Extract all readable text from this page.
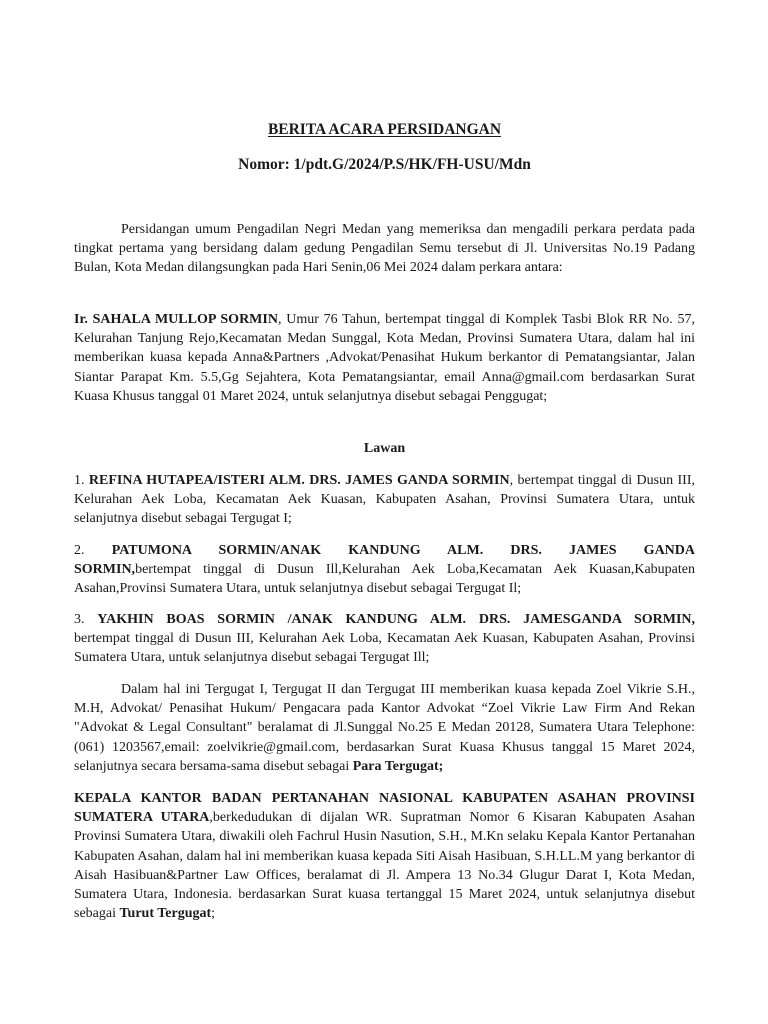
BERITA ACARA PERSIDANGAN

Nomor: 1/pdt.G/2024/P.S/HK/FH-USU/Mdn

Persidangan umum Pengadilan Negri Medan yang memeriksa dan mengadili perkara perdata pada tingkat pertama yang bersidang dalam gedung Pengadilan Semu tersebut di Jl. Universitas No.19 Padang Bulan, Kota Medan dilangsungkan pada Hari Senin,06 Mei 2024 dalam perkara antara:

Ir. SAHALA MULLOP SORMIN, Umur 76 Tahun, bertempat tinggal di Komplek Tasbi Blok RR No. 57, Kelurahan Tanjung Rejo,Kecamatan Medan Sunggal, Kota Medan, Provinsi Sumatera Utara, dalam hal ini memberikan kuasa kepada Anna&Partners ,Advokat/Penasihat Hukum berkantor di Pematangsiantar, Jalan Siantar Parapat Km. 5.5,Gg Sejahtera, Kota Pematangsiantar, email Anna@gmail.com berdasarkan Surat Kuasa Khusus tanggal 01 Maret 2024, untuk selanjutnya disebut sebagai Penggugat;

Lawan

1. REFINA HUTAPEA/ISTERI ALM. DRS. JAMES GANDA SORMIN, bertempat tinggal di Dusun III, Kelurahan Aek Loba, Kecamatan Aek Kuasan, Kabupaten Asahan, Provinsi Sumatera Utara, untuk selanjutnya disebut sebagai Tergugat I;

2. PATUMONA SORMIN/ANAK KANDUNG ALM. DRS. JAMES GANDA
SORMIN,bertempat tinggal di Dusun Ill,Kelurahan Aek Loba,Kecamatan Aek Kuasan,Kabupaten Asahan,Provinsi Sumatera Utara, untuk selanjutnya disebut sebagai Tergugat Il;
3. YAKHIN BOAS SORMIN /ANAK KANDUNG ALM. DRS. JAMESGANDA SORMIN,
bertempat tinggal di Dusun III, Kelurahan Aek Loba, Kecamatan Aek Kuasan, Kabupaten Asahan, Provinsi Sumatera Utara, untuk selanjutnya disebut sebagai Tergugat Ill;

Dalam hal ini Tergugat I, Tergugat II dan Tergugat III memberikan kuasa kepada Zoel Vikrie S.H., M.H, Advokat/ Penasihat Hukum/ Pengacara pada Kantor Advokat “Zoel Vikrie Law Firm And Rekan "Advokat & Legal Consultant" beralamat di Jl.Sunggal No.25 E Medan 20128, Sumatera Utara Telephone: (061) 1203567,email: zoelvikrie@gmail.com, berdasarkan Surat Kuasa Khusus tanggal 15 Maret 2024, selanjutnya secara bersama-sama disebut sebagai Para Tergugat;

KEPALA KANTOR BADAN PERTANAHAN NASIONAL KABUPATEN ASAHAN PROVINSI SUMATERA UTARA,berkedudukan di dijalan WR. Supratman Nomor 6 Kisaran Kabupaten Asahan Provinsi Sumatera Utara, diwakili oleh Fachrul Husin Nasution, S.H., M.Kn selaku Kepala Kantor Pertanahan Kabupaten Asahan, dalam hal ini memberikan kuasa kepada Siti Aisah Hasibuan, S.H.LL.M yang berkantor di Aisah Hasibuan&Partner Law Offices, beralamat di Jl. Ampera 13 No.34 Glugur Darat I, Kota Medan, Sumatera Utara, Indonesia. berdasarkan Surat kuasa tertanggal 15 Maret 2024, untuk selanjutnya disebut sebagai Turut Tergugat;
